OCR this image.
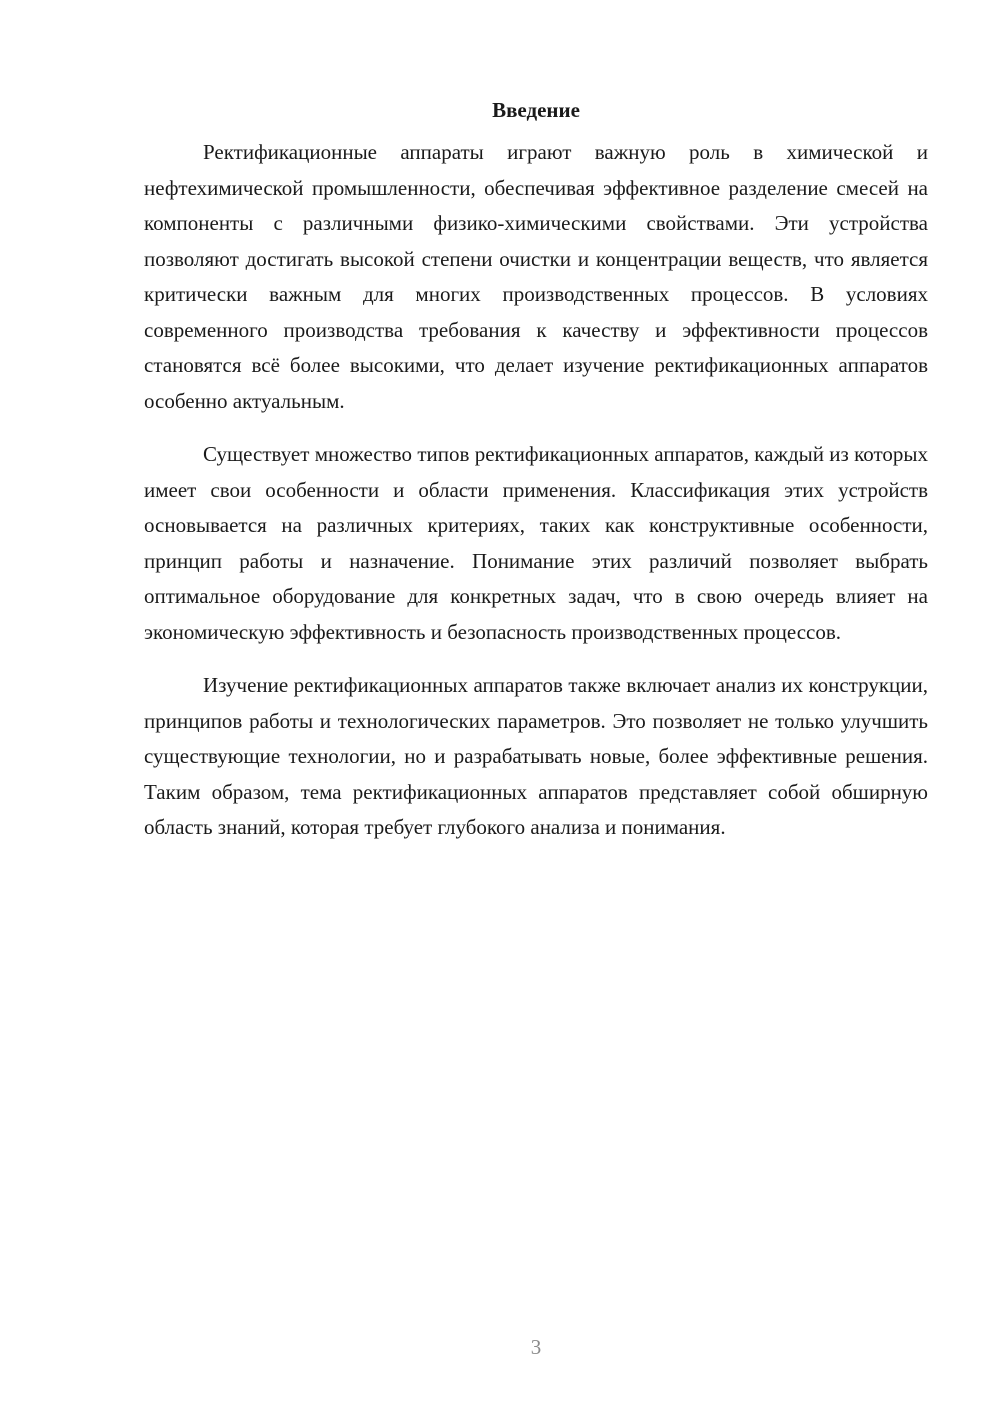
Введение

Ректификационные аппараты играют важную роль в химической и нефтехимической промышленности, обеспечивая эффективное разделение смесей на компоненты с различными физико-химическими свойствами. Эти устройства позволяют достигать высокой степени очистки и концентрации веществ, что является критически важным для многих производственных процессов. В условиях современного производства требования к качеству и эффективности процессов становятся всё более высокими, что делает изучение ректификационных аппаратов особенно актуальным.

Существует множество типов ректификационных аппаратов, каждый из которых имеет свои особенности и области применения. Классификация этих устройств основывается на различных критериях, таких как конструктивные особенности, принцип работы и назначение. Понимание этих различий позволяет выбрать оптимальное оборудование для конкретных задач, что в свою очередь влияет на экономическую эффективность и безопасность производственных процессов.

Изучение ректификационных аппаратов также включает анализ их конструкции, принципов работы и технологических параметров. Это позволяет не только улучшить существующие технологии, но и разрабатывать новые, более эффективные решения. Таким образом, тема ректификационных аппаратов представляет собой обширную область знаний, которая требует глубокого анализа и понимания.

3
